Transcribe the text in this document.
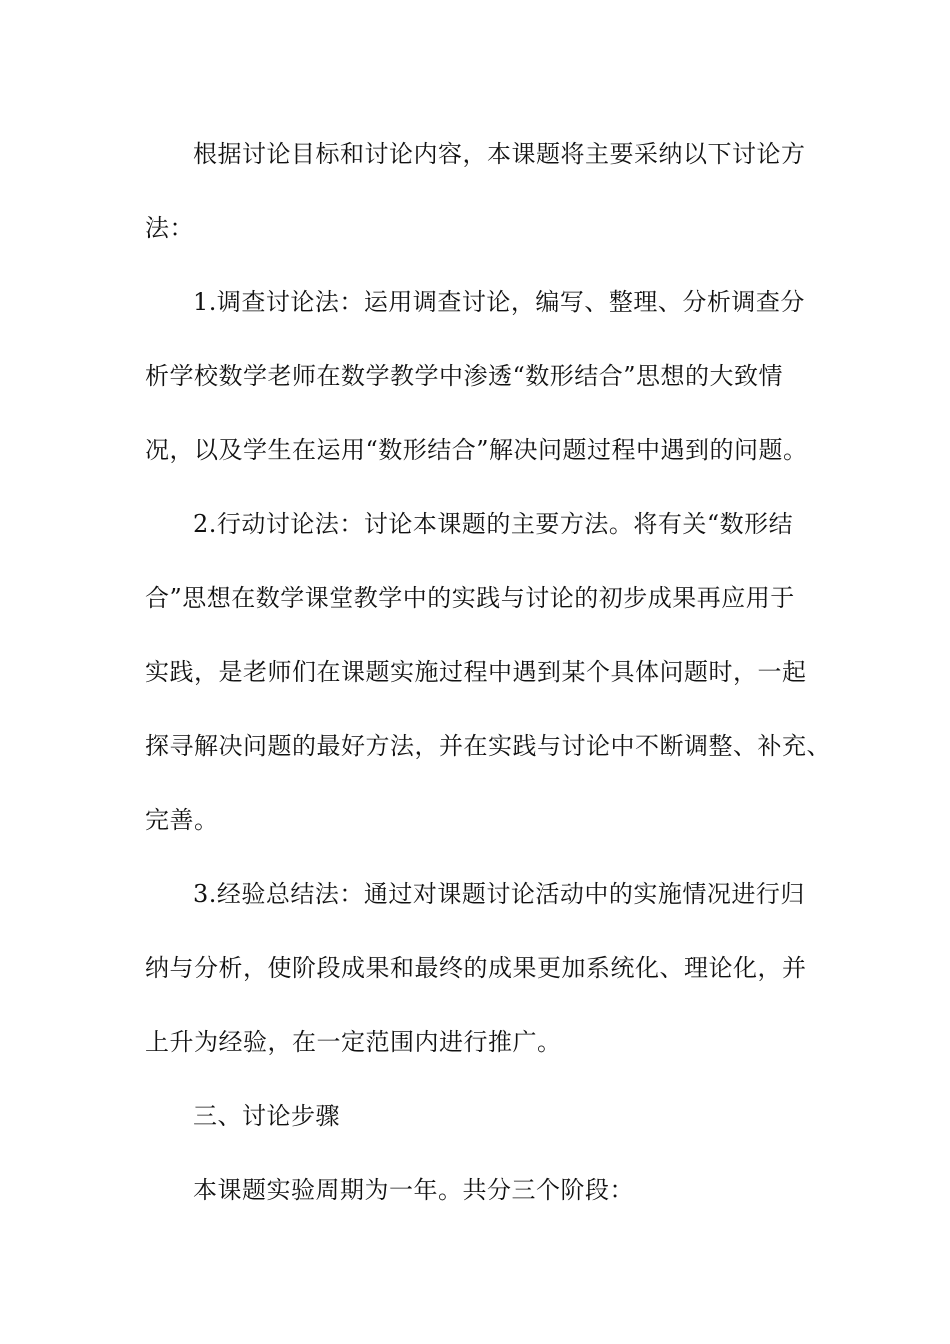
根据讨论目标和讨论内容，本课题将主要采纳以下讨论方
法：
1.调查讨论法：运用调查讨论，编写、整理、分析调查分
析学校数学老师在数学教学中渗透“数形结合”思想的大致情
况，以及学生在运用“数形结合”解决问题过程中遇到的问题。
2.行动讨论法：讨论本课题的主要方法。将有关“数形结
合”思想在数学课堂教学中的实践与讨论的初步成果再应用于
实践，是老师们在课题实施过程中遇到某个具体问题时，一起
探寻解决问题的最好方法，并在实践与讨论中不断调整、补充、
完善。
3.经验总结法：通过对课题讨论活动中的实施情况进行归
纳与分析，使阶段成果和最终的成果更加系统化、理论化，并
上升为经验，在一定范围内进行推广。
三、讨论步骤
本课题实验周期为一年。共分三个阶段：
